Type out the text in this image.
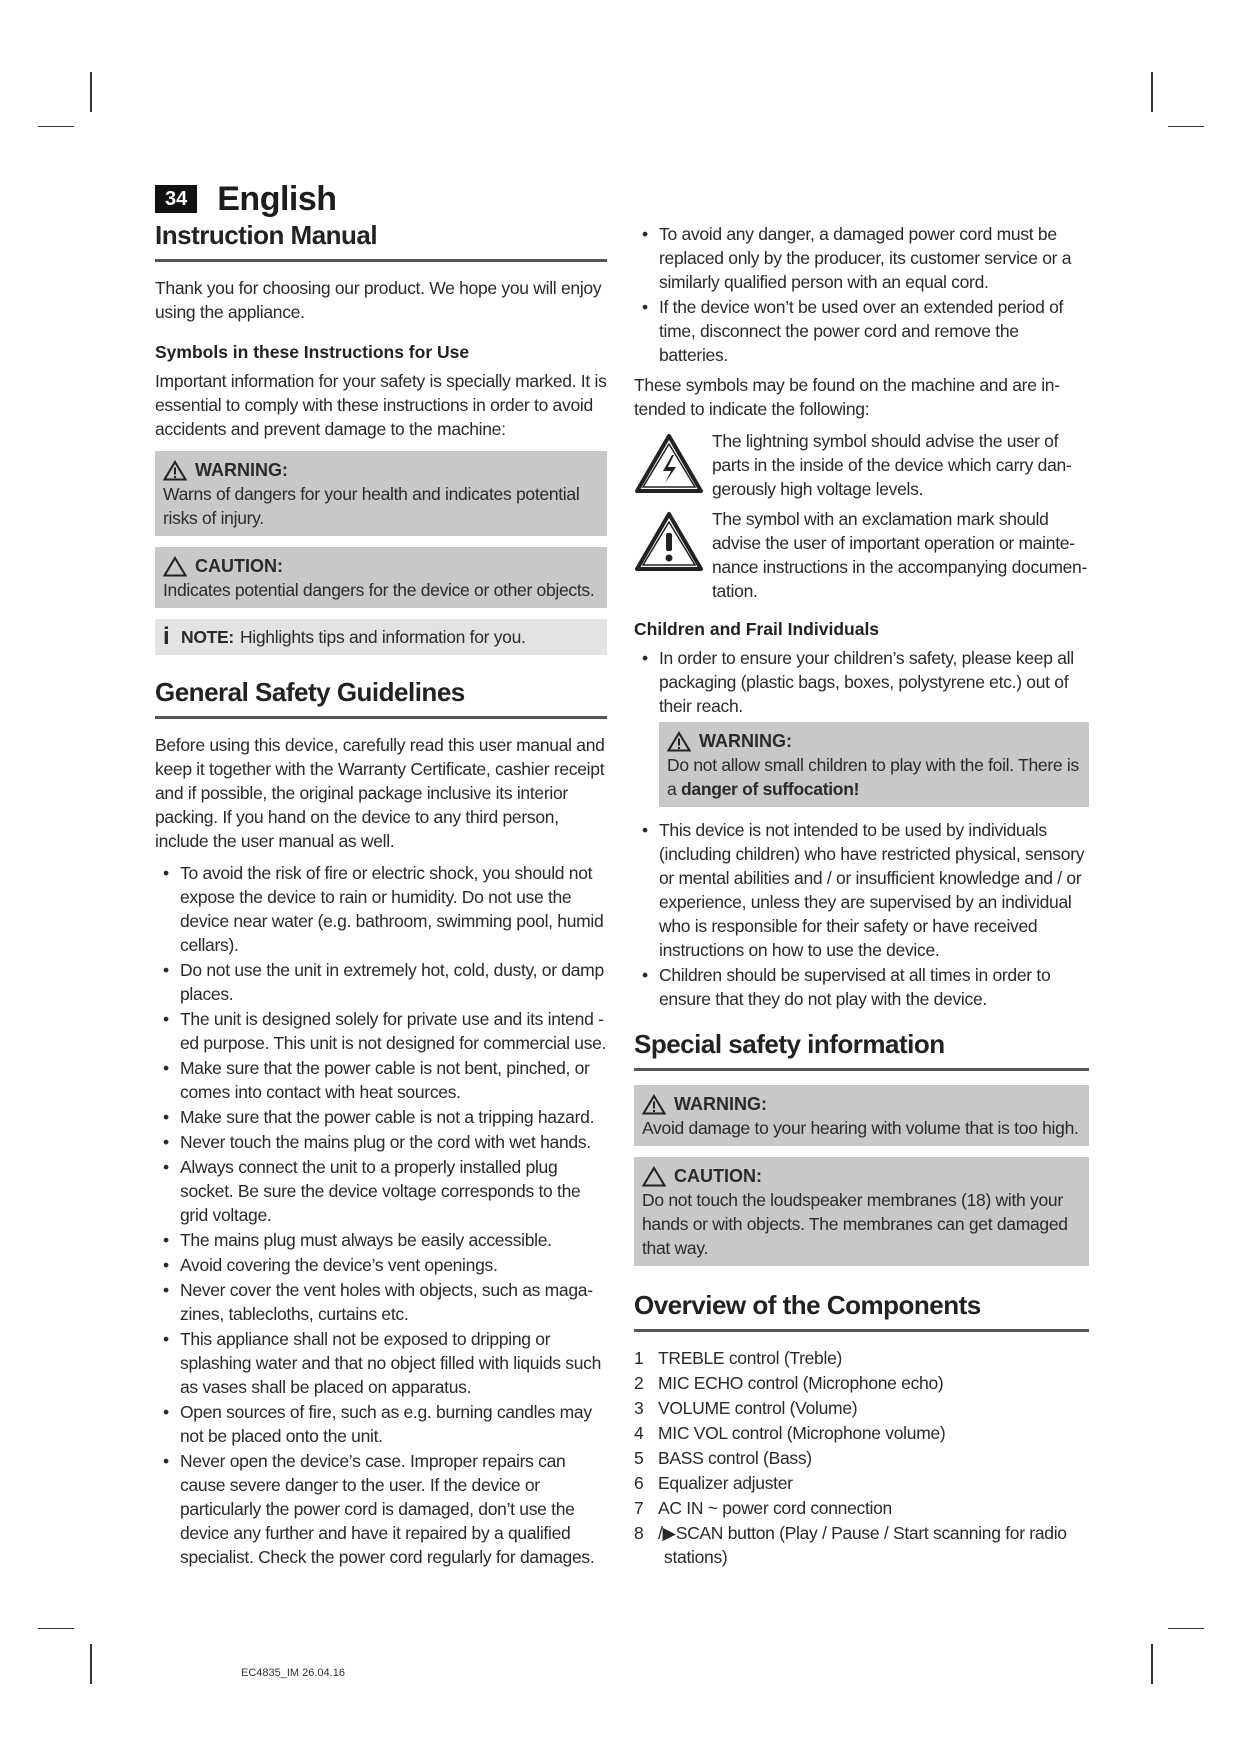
34 English
Instruction Manual

Thank you for choosing our product. We hope you will enjoy using the appliance.

Symbols in these Instructions for Use

Important information for your safety is specially marked. It is essential to comply with these instructions in order to avoid accidents and prevent damage to the machine:

WARNING:
Warns of dangers for your health and indicates potential risks of injury.
CAUTION:
Indicates potential dangers for the device or other objects.
i NOTE: Highlights tips and information for you.
General Safety Guidelines

Before using this device, carefully read this user manual and keep it together with the Warranty Certificate, cashier receipt and if possible, the original package inclusive its interior packing. If you hand on the device to any third person, include the user manual as well.

• To avoid the risk of fire or electric shock, you should not expose the device to rain or humidity. Do not use the device near water (e.g. bathroom, swimming pool, humid cellars).
• Do not use the unit in extremely hot, cold, dusty, or damp places.
• The unit is designed solely for private use and its intend - ed purpose. This unit is not designed for commercial use.
• Make sure that the power cable is not bent, pinched, or comes into contact with heat sources.
• Make sure that the power cable is not a tripping hazard.
• Never touch the mains plug or the cord with wet hands.
• Always connect the unit to a properly installed plug socket. Be sure the device voltage corresponds to the grid voltage.
• The mains plug must always be easily accessible.
• Avoid covering the device’s vent openings.
• Never cover the vent holes with objects, such as maga- zines, tablecloths, curtains etc.
• This appliance shall not be exposed to dripping or splashing water and that no object filled with liquids such as vases shall be placed on apparatus.
• Open sources of fire, such as e.g. burning candles may not be placed onto the unit.
• Never open the device’s case. Improper repairs can cause severe danger to the user. If the device or particularly the power cord is damaged, don’t use the device any further and have it repaired by a qualified specialist. Check the power cord regularly for damages.
• To avoid any danger, a damaged power cord must be replaced only by the producer, its customer service or a similarly qualified person with an equal cord.
• If the device won’t be used over an extended period of time, disconnect the power cord and remove the batteries.

These symbols may be found on the machine and are in- tended to indicate the following:

The lightning symbol should advise the user of parts in the inside of the device which carry dan- gerously high voltage levels.
The symbol with an exclamation mark should advise the user of important operation or mainte- nance instructions in the accompanying documen- tation.
Children and Frail Individuals
• In order to ensure your children’s safety, please keep all packaging (plastic bags, boxes, polystyrene etc.) out of their reach.
WARNING:
Do not allow small children to play with the foil. There is a danger of suffocation!
• This device is not intended to be used by individuals (including children) who have restricted physical, sensory or mental abilities and / or insufficient knowledge and / or experience, unless they are supervised by an individual who is responsible for their safety or have received instructions on how to use the device.
• Children should be supervised at all times in order to ensure that they do not play with the device.
Special safety information
WARNING:
Avoid damage to your hearing with volume that is too high.
CAUTION:
Do not touch the loudspeaker membranes (18) with your hands or with objects. The membranes can get damaged that way.
Overview of the Components
1 TREBLE control (Treble)
2 MIC ECHO control (Microphone echo)
3 VOLUME control (Volume)
4 MIC VOL control (Microphone volume)
5 BASS control (Bass)
6 Equalizer adjuster
7 AC IN ~ power cord connection
8 /▶SCAN button (Play / Pause / Start scanning for radio stations)
EC4835_IM 26.04.16
